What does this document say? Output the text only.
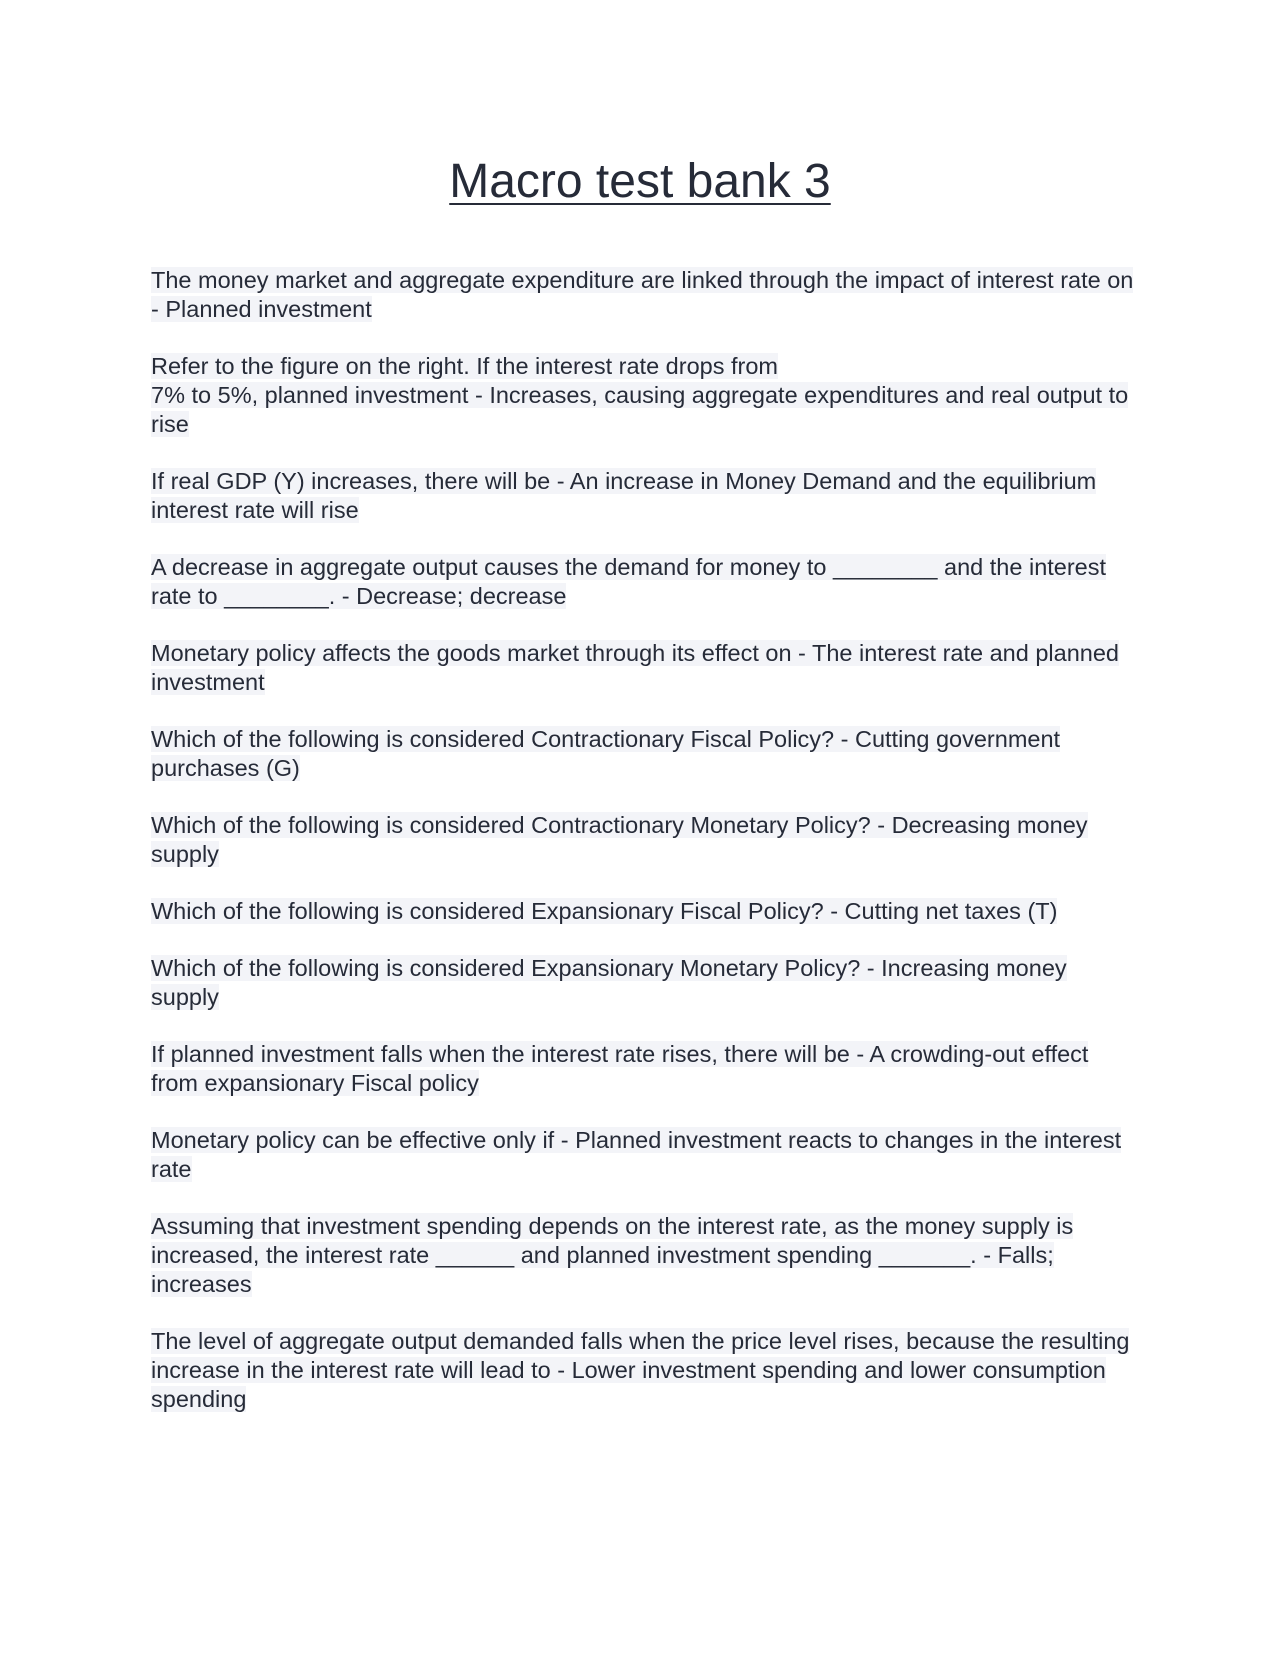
Macro test bank 3

The money market and aggregate expenditure are linked through the impact of interest rate on - Planned investment

Refer to the figure on the right. If the interest rate drops from
7% to 5%, planned investment - Increases, causing aggregate expenditures and real output to rise

If real GDP (Y) increases, there will be - An increase in Money Demand and the equilibrium interest rate will rise

A decrease in aggregate output causes the demand for money to ________ and the interest rate to ________. - Decrease; decrease

Monetary policy affects the goods market through its effect on - The interest rate and planned investment

Which of the following is considered Contractionary Fiscal Policy? - Cutting government purchases (G)

Which of the following is considered Contractionary Monetary Policy? - Decreasing money supply

Which of the following is considered Expansionary Fiscal Policy? - Cutting net taxes (T)

Which of the following is considered Expansionary Monetary Policy? - Increasing money supply

If planned investment falls when the interest rate rises, there will be - A crowding-out effect from expansionary Fiscal policy

Monetary policy can be effective only if - Planned investment reacts to changes in the interest rate

Assuming that investment spending depends on the interest rate, as the money supply is increased, the interest rate ______ and planned investment spending _______. - Falls; increases

The level of aggregate output demanded falls when the price level rises, because the resulting increase in the interest rate will lead to - Lower investment spending and lower consumption spending
